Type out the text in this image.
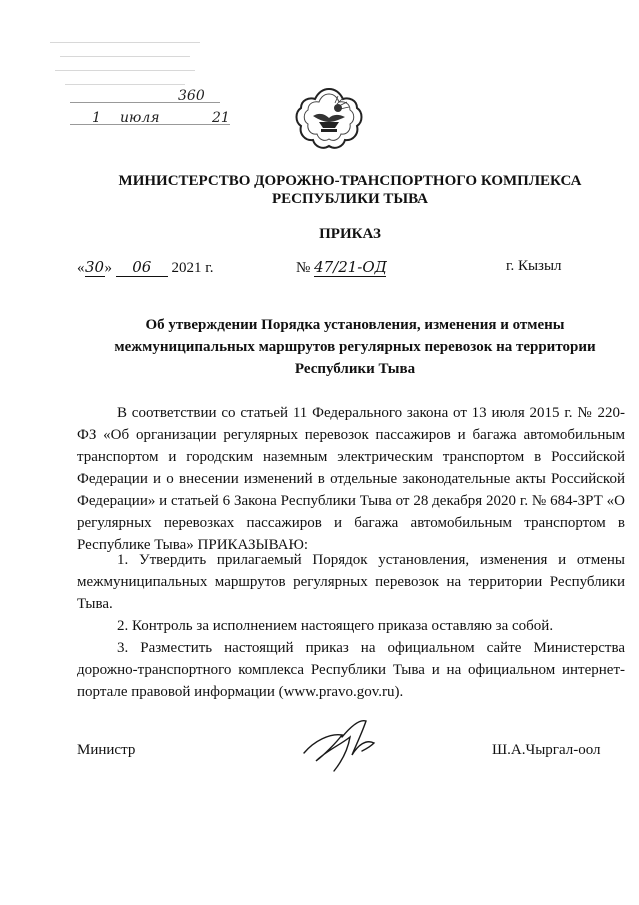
360
1 июля	21
МИНИСТЕРСТВО ДОРОЖНО-ТРАНСПОРТНОГО КОМПЛЕКСА
РЕСПУБЛИКИ ТЫВА
ПРИКАЗ
«30» 06 2021 г.	№ 47/21-ОД	г. Кызыл
Об утверждении Порядка установления, изменения и отмены
межмуниципальных маршрутов регулярных перевозок на территории
Республики Тыва

В соответствии со статьей 11 Федерального закона от 13 июля 2015 г. № 220-ФЗ «Об организации регулярных перевозок пассажиров и багажа автомобильным транспортом и городским наземным электрическим транспортом в Российской Федерации и о внесении изменений в отдельные законодательные акты Российской Федерации» и статьей 6 Закона Республики Тыва от 28 декабря 2020 г. № 684-ЗРТ «О регулярных перевозках пассажиров и багажа автомобильным транспортом в Республике Тыва» ПРИКАЗЫВАЮ:

1. Утвердить прилагаемый Порядок установления, изменения и отмены межмуниципальных маршрутов регулярных перевозок на территории Республики Тыва.

2. Контроль за исполнением настоящего приказа оставляю за собой.

3. Разместить настоящий приказ на официальном сайте Министерства дорожно-транспортного комплекса Республики Тыва и на официальном интернет-портале правовой информации (www.pravo.gov.ru).

Министр	Ш.А.Чыргал-оол
